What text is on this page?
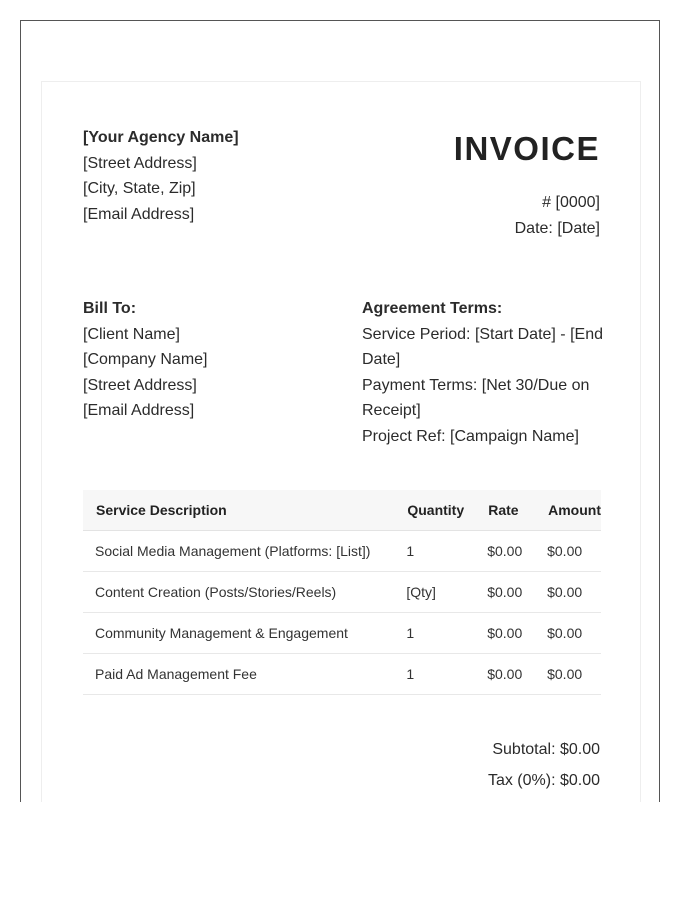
[Your Agency Name]
[Street Address]
[City, State, Zip]
[Email Address]
INVOICE
# [0000]
Date: [Date]
Bill To:
[Client Name]
[Company Name]
[Street Address]
[Email Address]
Agreement Terms:
Service Period: [Start Date] - [End Date]
Payment Terms: [Net 30/Due on Receipt]
Project Ref: [Campaign Name]
Service Description	Quantity	Rate	Amount
Social Media Management (Platforms: [List])	1	$0.00	$0.00
Content Creation (Posts/Stories/Reels)	[Qty]	$0.00	$0.00
Community Management & Engagement	1	$0.00	$0.00
Paid Ad Management Fee	1	$0.00	$0.00
Subtotal: $0.00
Tax (0%): $0.00
